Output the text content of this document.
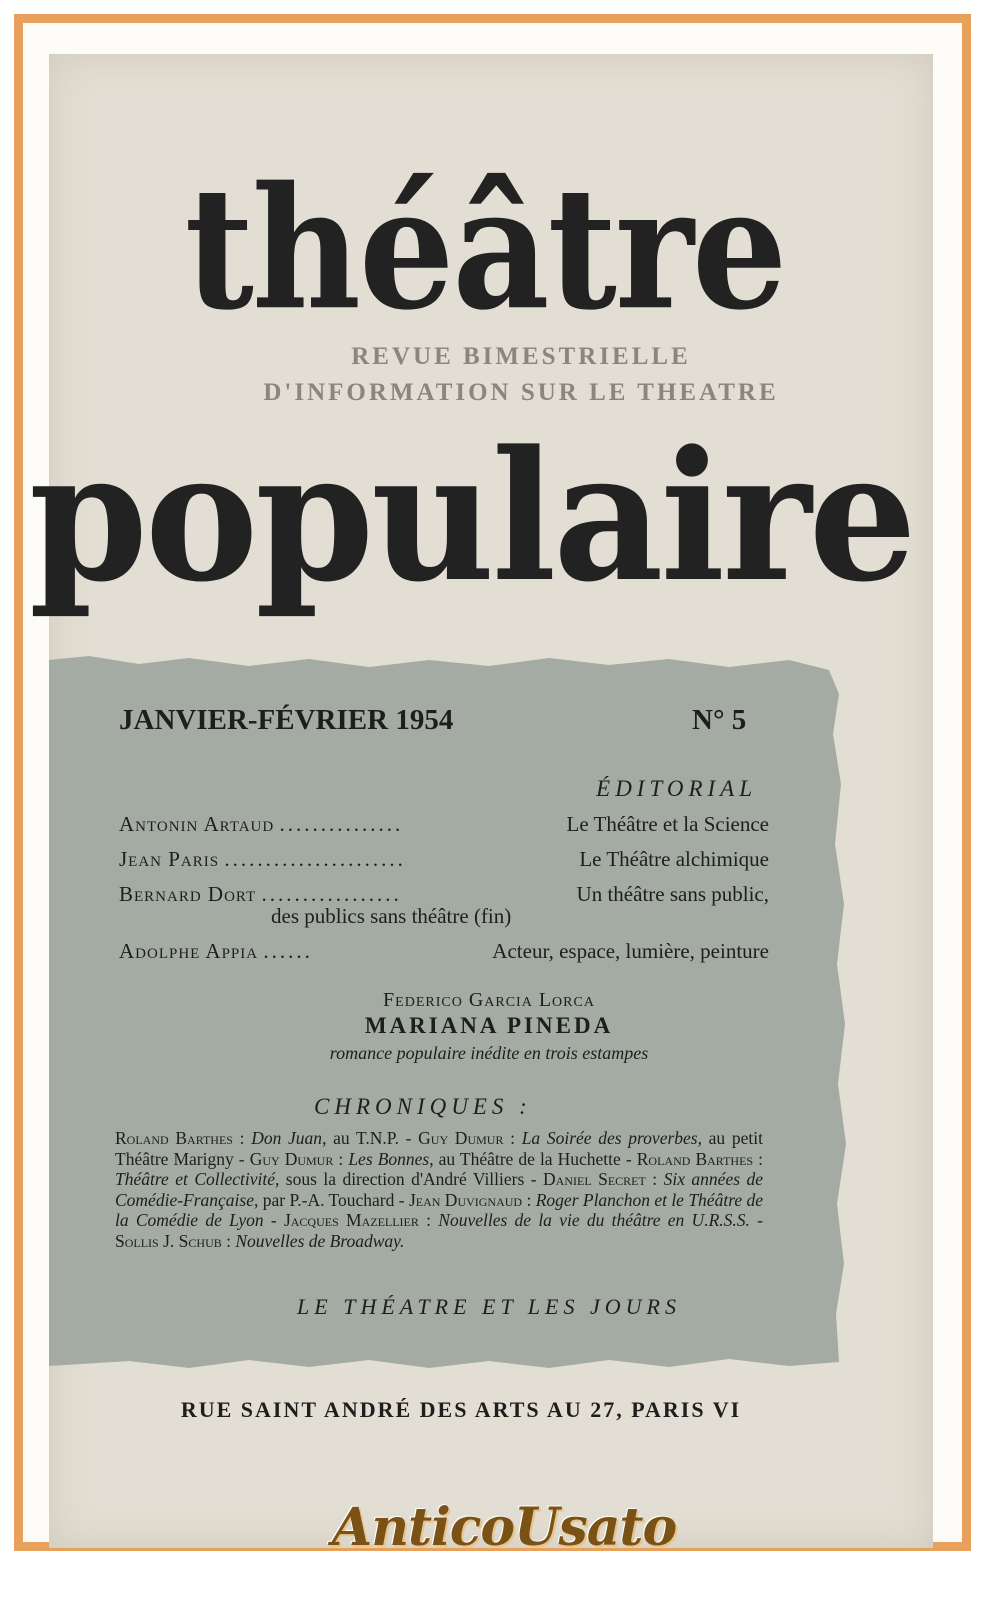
théâtre
REVUE BIMESTRIELLE
D'INFORMATION SUR LE THEATRE
populaire
JANVIER-FÉVRIER 1954	N° 5
ÉDITORIAL
Antonin Artaud ...............	Le Théâtre et la Science
Jean Paris ......................	Le Théâtre alchimique
Bernard Dort .................	Un théâtre sans public,
des publics sans théâtre (fin)
Adolphe Appia ......	Acteur, espace, lumière, peinture
Federico Garcia Lorca
MARIANA PINEDA
romance populaire inédite en trois estampes
CHRONIQUES :
Roland Barthes : Don Juan, au T.N.P. - Guy Dumur : La Soirée des proverbes, au petit Théâtre Marigny - Guy Dumur : Les Bonnes, au Théâtre de la Huchette - Roland Barthes : Théâtre et Collectivité, sous la direction d'André Villiers - Daniel Secret : Six années de Comédie-Française, par P.-A. Touchard - Jean Duvignaud : Roger Planchon et le Théâtre de la Comédie de Lyon - Jacques Mazellier : Nouvelles de la vie du théâtre en U.R.S.S. - Sollis J. Schub : Nouvelles de Broadway.
LE THÉATRE ET LES JOURS
RUE SAINT ANDRÉ DES ARTS AU 27, PARIS VI
AnticoUsato
